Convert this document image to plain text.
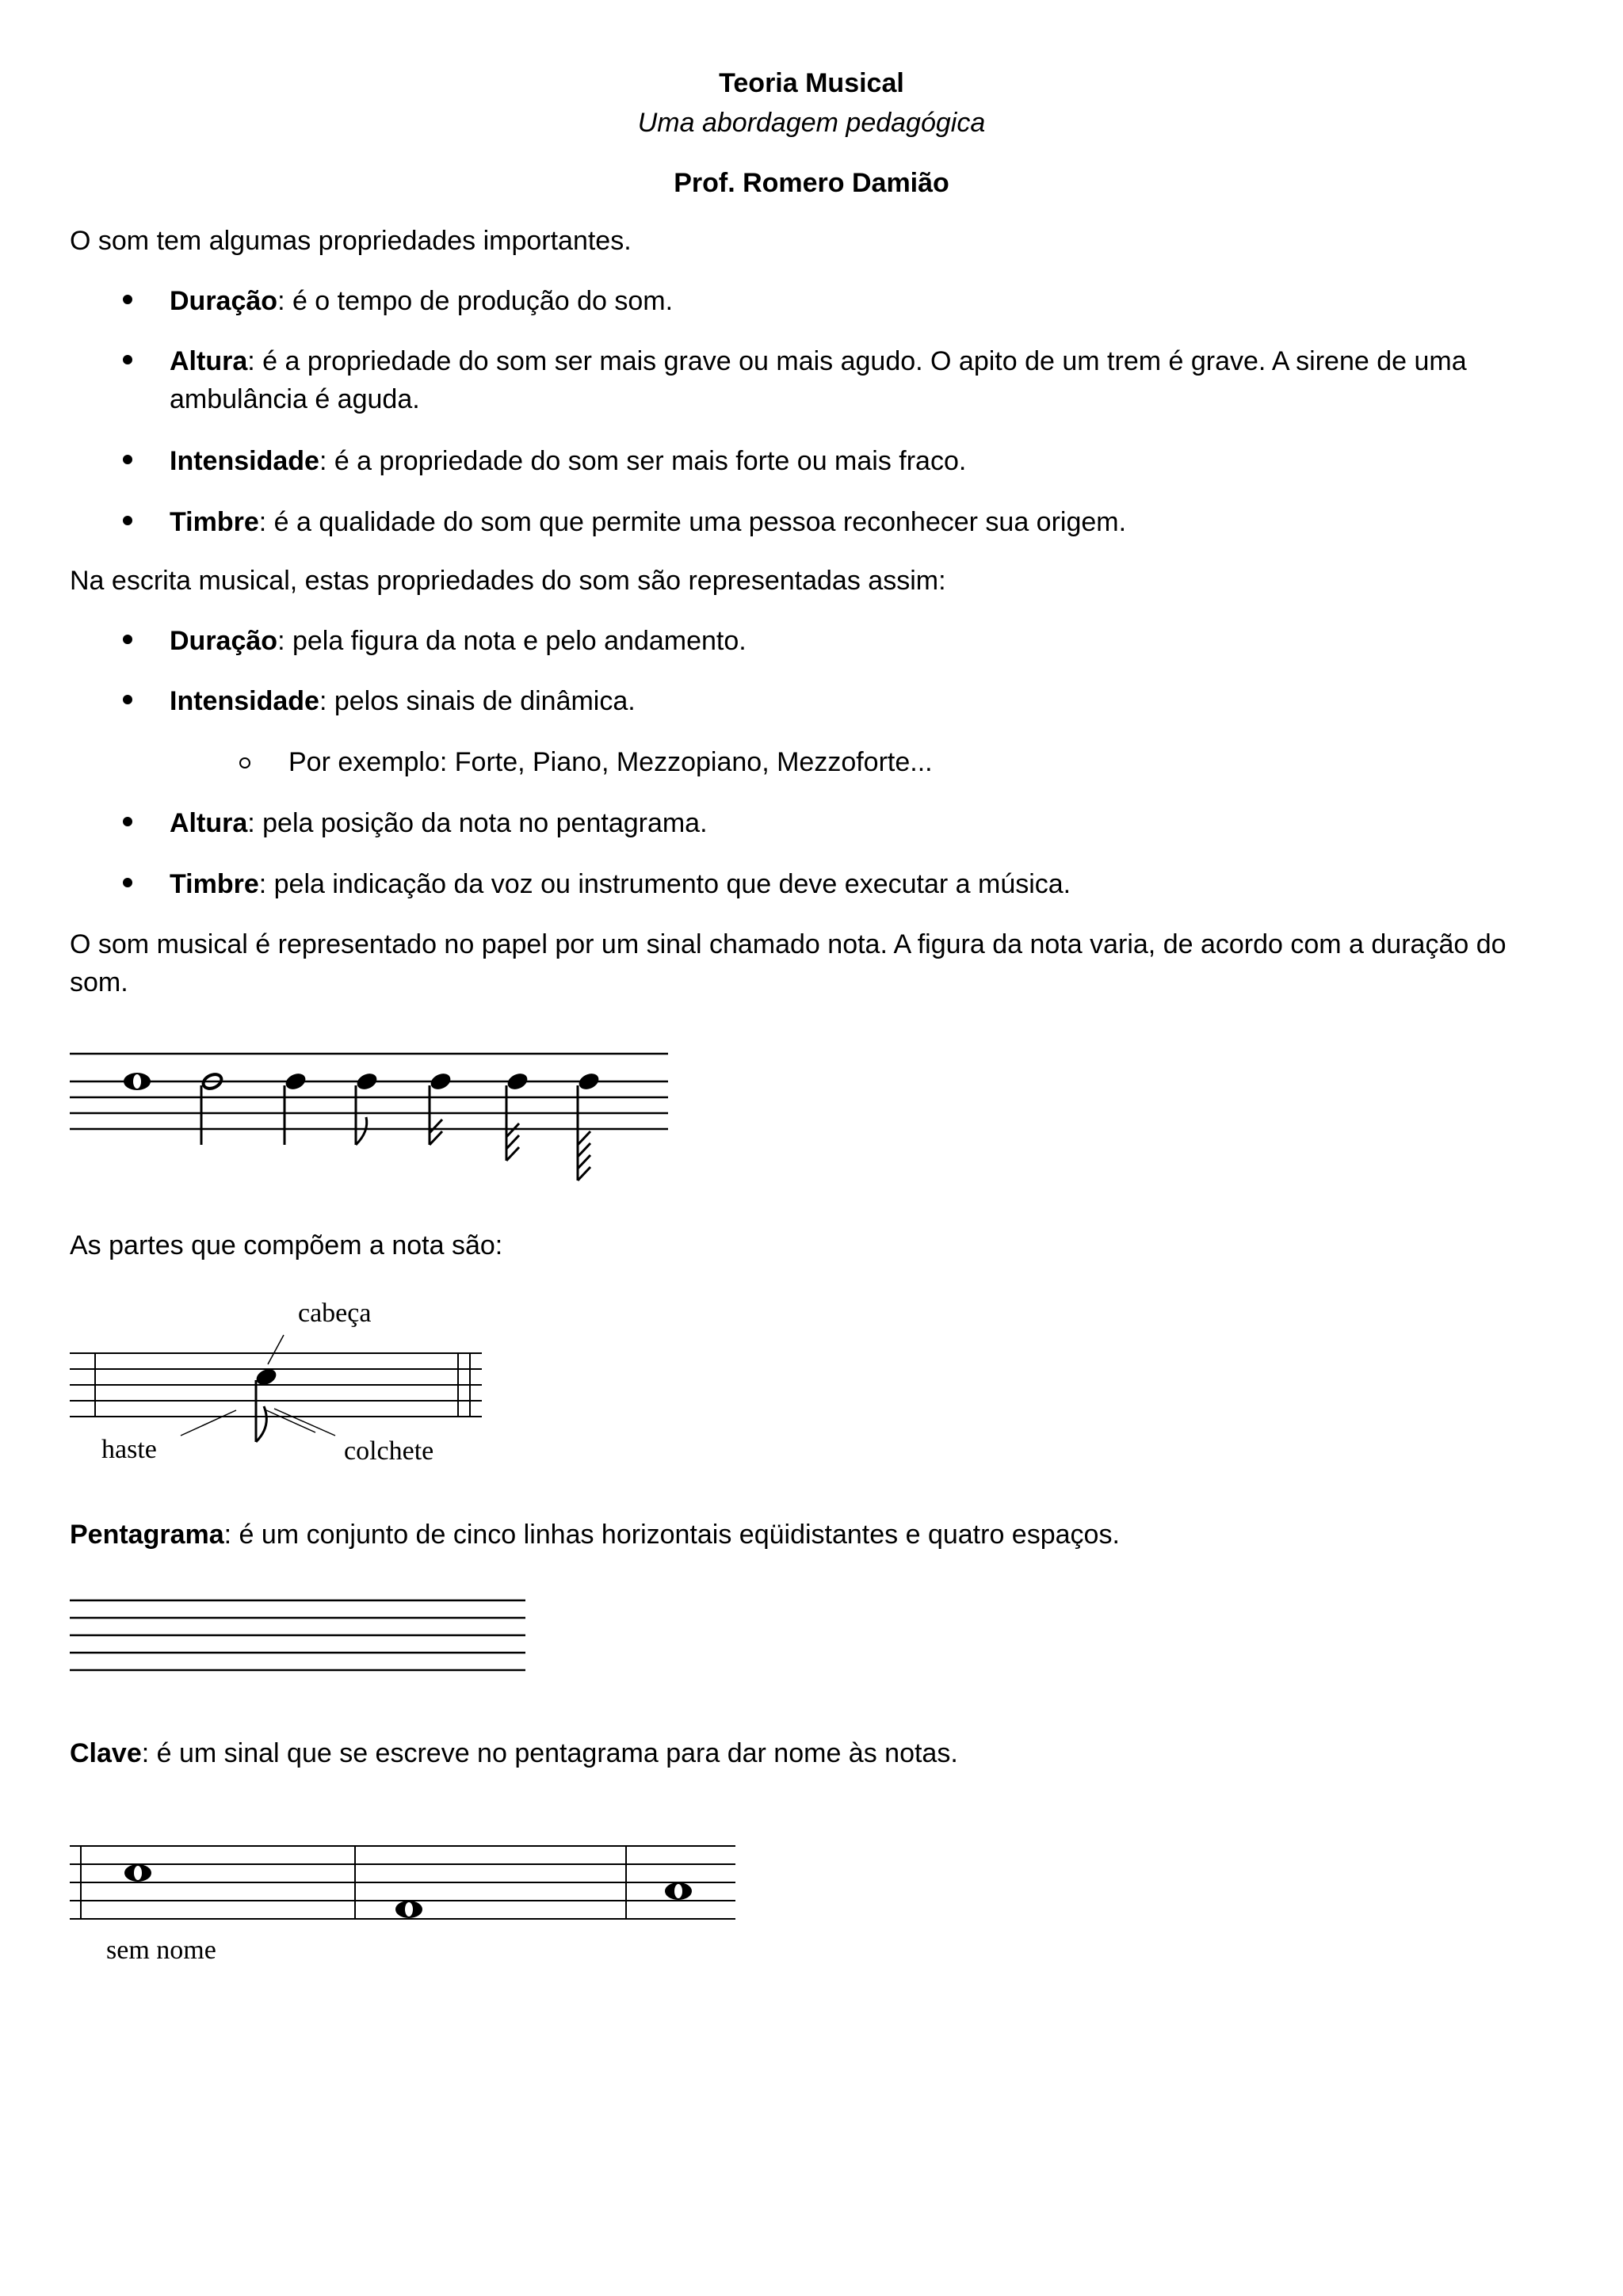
Teoria Musical
Uma abordagem pedagógica
Prof. Romero Damião
O som tem algumas propriedades importantes.
Duração: é o tempo de produção do som.
Altura: é a propriedade do som ser mais grave ou mais agudo. O apito de um trem é grave. A sirene de uma
ambulância é aguda.
Intensidade: é a propriedade do som ser mais forte ou mais fraco.
Timbre: é a qualidade do som que permite uma pessoa reconhecer sua origem.
Na escrita musical, estas propriedades do som são representadas assim:
Duração: pela figura da nota e pelo andamento.
Intensidade: pelos sinais de dinâmica.
Por exemplo: Forte, Piano, Mezzopiano, Mezzoforte...
Altura: pela posição da nota no pentagrama.
Timbre: pela indicação da voz ou instrumento que deve executar a música.
O som musical é representado no papel por um sinal chamado nota. A figura da nota varia, de acordo com a duração do
som.
As partes que compõem a nota são:
cabeça
haste	colchete
Pentagrama: é um conjunto de cinco linhas horizontais eqüidistantes e quatro espaços.
Clave: é um sinal que se escreve no pentagrama para dar nome às notas.
sem nome
